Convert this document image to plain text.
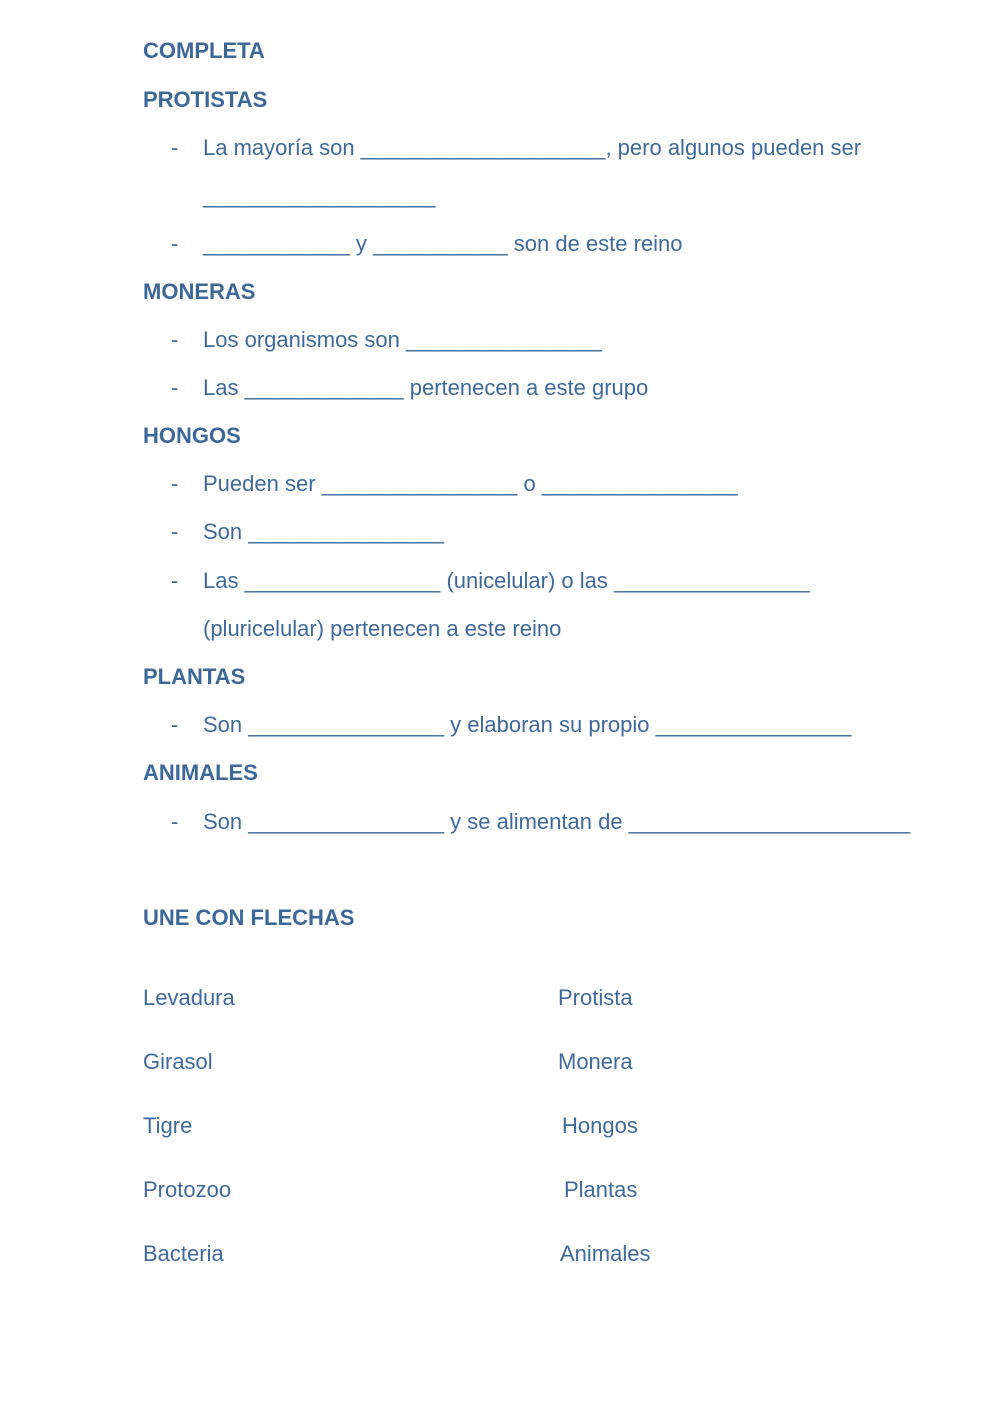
COMPLETA
PROTISTAS
- La mayoría son ____________________, pero algunos pueden ser
___________________
- ____________ y ___________ son de este reino
MONERAS
- Los organismos son ________________
- Las _____________ pertenecen a este grupo
HONGOS
- Pueden ser ________________ o ________________
- Son ________________
- Las ________________ (unicelular) o las ________________
(pluricelular) pertenecen a este reino
PLANTAS
- Son ________________ y elaboran su propio ________________
ANIMALES
- Son ________________ y se alimentan de _______________________
UNE CON FLECHAS
Levadura	Protista
Girasol	Monera
Tigre	Hongos
Protozoo	Plantas
Bacteria	Animales
